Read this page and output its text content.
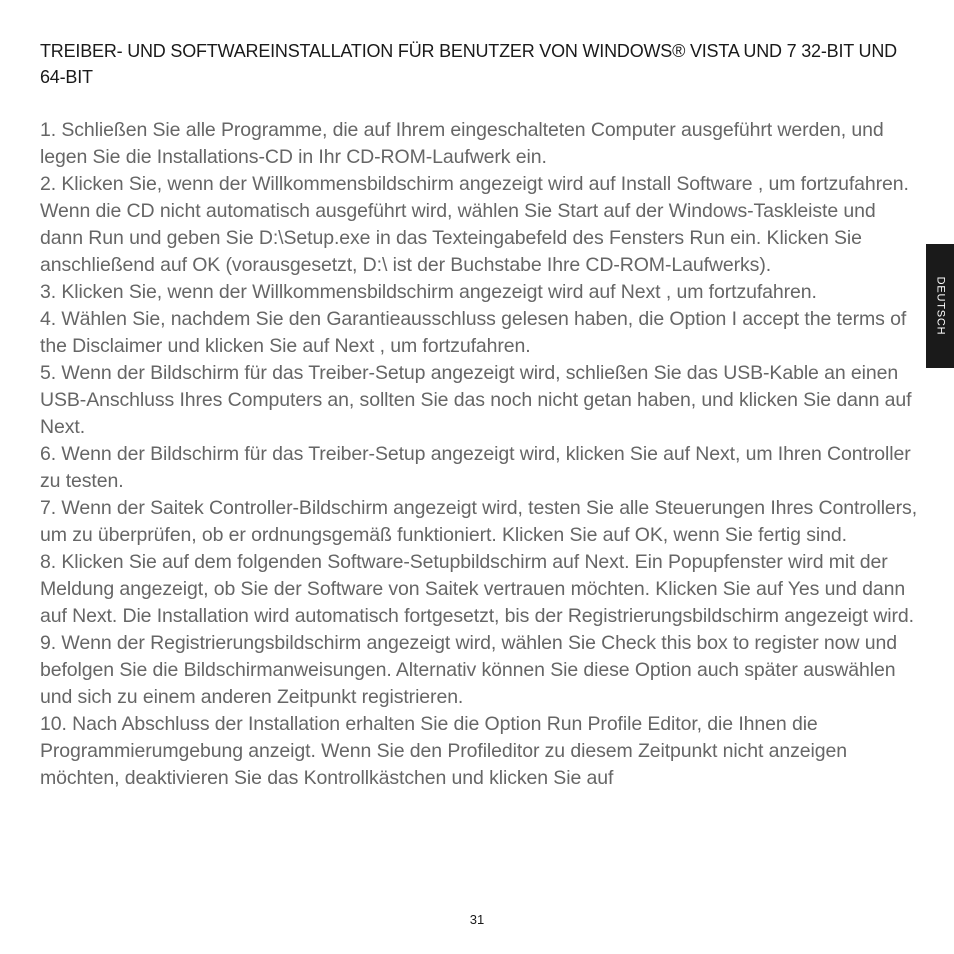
TREIBER- UND SOFTWAREINSTALLATION FÜR BENUTZER VON WINDOWS® VISTA UND 7 32-BIT UND 64-BIT
1. Schließen Sie alle Programme, die auf Ihrem eingeschalteten Computer ausgeführt werden, und legen Sie die Installations-CD in Ihr CD-ROM-Laufwerk ein.
2. Klicken Sie, wenn der Willkommensbildschirm angezeigt wird auf Install Software , um fortzufahren. Wenn die CD nicht automatisch ausgeführt wird, wählen Sie Start auf der Windows-Taskleiste und dann Run und geben Sie D:\Setup.exe in das Texteingabefeld des Fensters Run ein. Klicken Sie anschließend auf OK (vorausgesetzt, D:\ ist der Buchstabe Ihre CD-ROM-Laufwerks).
3. Klicken Sie, wenn der Willkommensbildschirm angezeigt wird auf Next , um fortzufahren.
4. Wählen Sie, nachdem Sie den Garantieausschluss gelesen haben, die Option I accept the terms of the Disclaimer und klicken Sie auf Next , um fortzufahren.
5. Wenn der Bildschirm für das Treiber-Setup angezeigt wird, schließen Sie das USB-Kable an einen USB-Anschluss Ihres Computers an, sollten Sie das noch nicht getan haben, und klicken Sie dann auf Next.
6. Wenn der Bildschirm für das Treiber-Setup angezeigt wird, klicken Sie auf Next, um Ihren Controller zu testen.
7. Wenn der Saitek Controller-Bildschirm angezeigt wird, testen Sie alle Steuerungen Ihres Controllers, um zu überprüfen, ob er ordnungsgemäß funktioniert. Klicken Sie auf OK, wenn Sie fertig sind.
8. Klicken Sie auf dem folgenden Software-Setupbildschirm auf Next. Ein Popupfenster wird mit der Meldung angezeigt, ob Sie der Software von Saitek vertrauen möchten. Klicken Sie auf Yes und dann auf Next. Die Installation wird automatisch fortgesetzt, bis der Registrierungsbildschirm angezeigt wird.
9. Wenn der Registrierungsbildschirm angezeigt wird, wählen Sie Check this box to register now und befolgen Sie die Bildschirmanweisungen. Alternativ können Sie diese Option auch später auswählen und sich zu einem anderen Zeitpunkt registrieren.
10. Nach Abschluss der Installation erhalten Sie die Option Run Profile Editor, die Ihnen die Programmierumgebung anzeigt. Wenn Sie den Profileditor zu diesem Zeitpunkt nicht anzeigen möchten, deaktivieren Sie das Kontrollkästchen und klicken Sie auf
DEUTSCH
31
